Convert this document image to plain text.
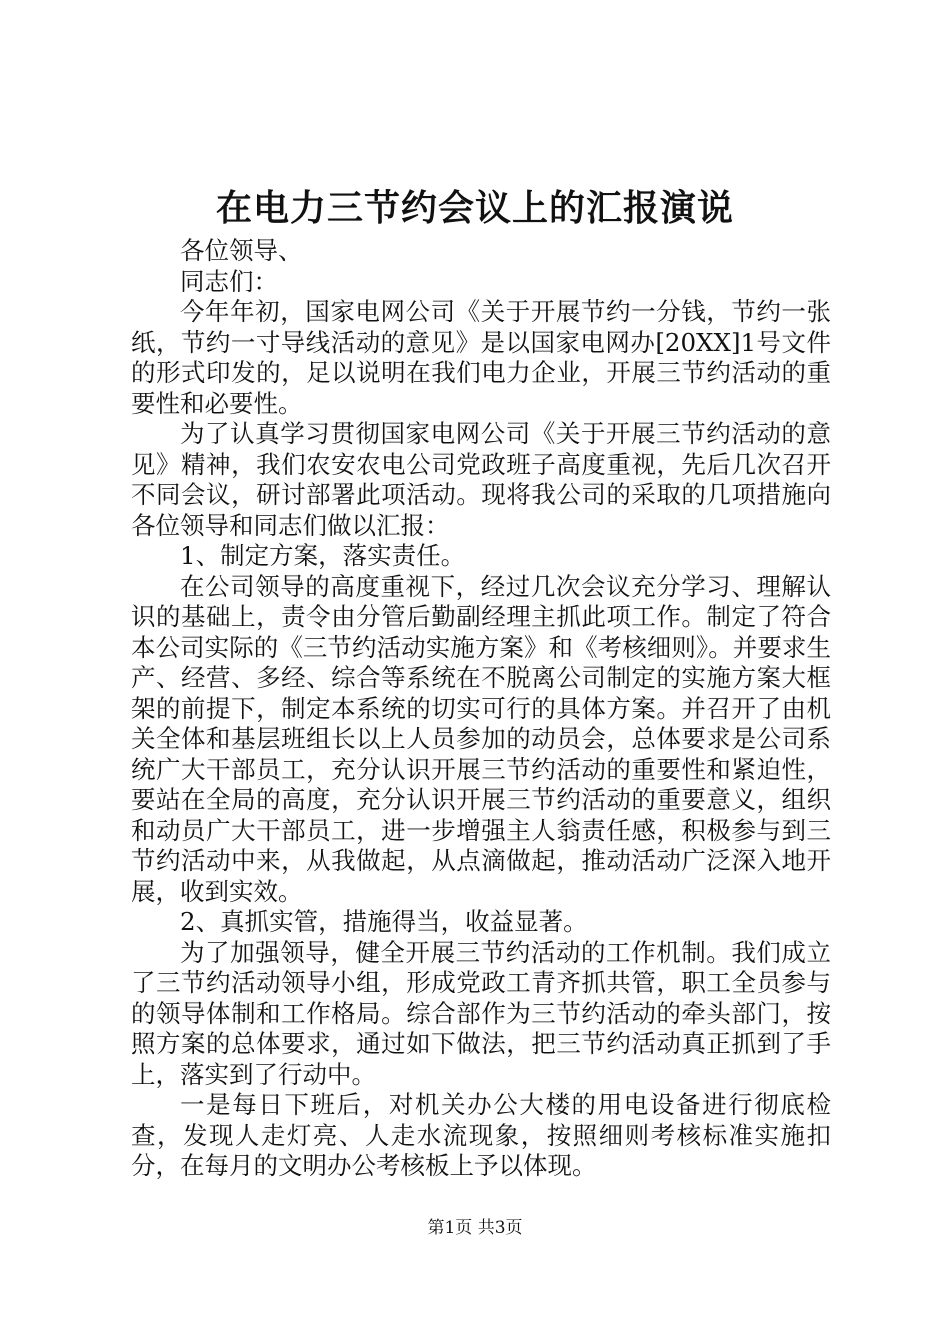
在电力三节约会议上的汇报演说

各位领导、

同志们：

今年年初，国家电网公司《关于开展节约一分钱，节约一张纸，节约一寸导线活动的意见》是以国家电网办[20XX]1号文件的形式印发的，足以说明在我们电力企业，开展三节约活动的重要性和必要性。

为了认真学习贯彻国家电网公司《关于开展三节约活动的意见》精神，我们农安农电公司党政班子高度重视，先后几次召开不同会议，研讨部署此项活动。现将我公司的采取的几项措施向各位领导和同志们做以汇报：

1、制定方案，落实责任。

在公司领导的高度重视下，经过几次会议充分学习、理解认识的基础上，责令由分管后勤副经理主抓此项工作。制定了符合本公司实际的《三节约活动实施方案》和《考核细则》。并要求生产、经营、多经、综合等系统在不脱离公司制定的实施方案大框架的前提下，制定本系统的切实可行的具体方案。并召开了由机关全体和基层班组长以上人员参加的动员会，总体要求是公司系统广大干部员工，充分认识开展三节约活动的重要性和紧迫性，要站在全局的高度，充分认识开展三节约活动的重要意义，组织和动员广大干部员工，进一步增强主人翁责任感，积极参与到三节约活动中来，从我做起，从点滴做起，推动活动广泛深入地开展，收到实效。

2、真抓实管，措施得当，收益显著。

为了加强领导，健全开展三节约活动的工作机制。我们成立了三节约活动领导小组，形成党政工青齐抓共管，职工全员参与的领导体制和工作格局。综合部作为三节约活动的牵头部门，按照方案的总体要求，通过如下做法，把三节约活动真正抓到了手上，落实到了行动中。

一是每日下班后，对机关办公大楼的用电设备进行彻底检查，发现人走灯亮、人走水流现象，按照细则考核标准实施扣分，在每月的文明办公考核板上予以体现。

第1页 共3页
